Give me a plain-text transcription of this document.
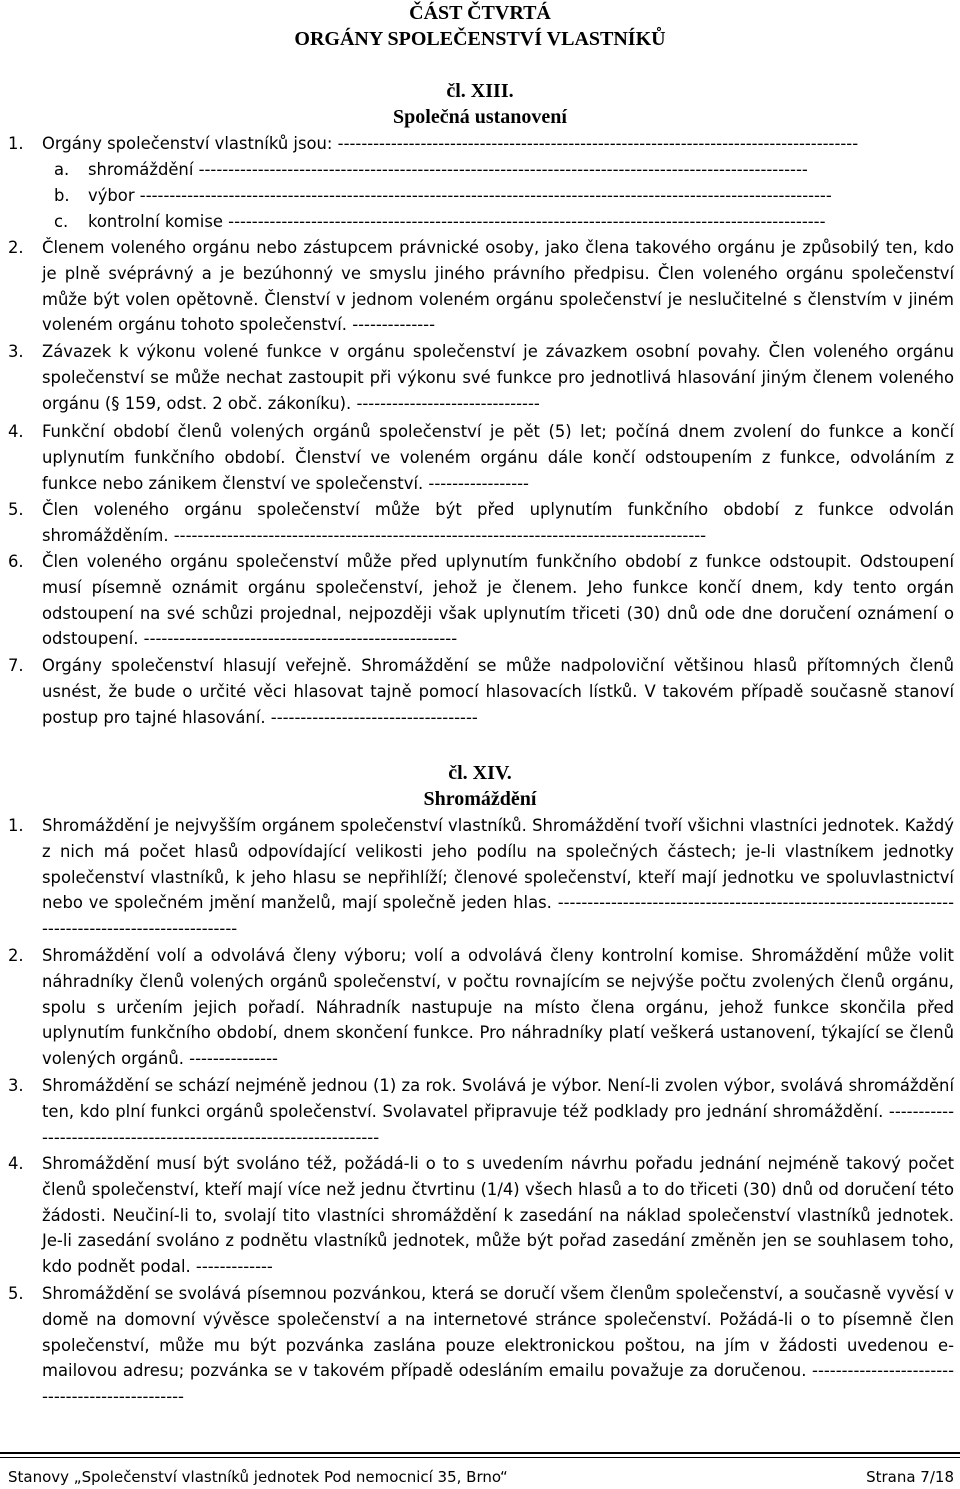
ČÁST ČTVRTÁ
ORGÁNY SPOLEČENSTVÍ VLASTNÍKŮ
čl. XIII.
Společná ustanovení
1. Orgány společenství vlastníků jsou: ----------------------------------------------------------------------------------------
a. shromáždění -------------------------------------------------------------------------------------------------------
b. výbor ---------------------------------------------------------------------------------------------------------------------
c. kontrolní komise -----------------------------------------------------------------------------------------------------
2. Členem voleného orgánu nebo zástupcem právnické osoby, jako člena takového orgánu je způsobilý ten, kdo je plně svéprávný a je bezúhonný ve smyslu jiného právního předpisu. Člen voleného orgánu společenství může být volen opětovně. Členství v jednom voleném orgánu společenství je neslučitelné s členstvím v jiném voleném orgánu tohoto společenství. --------------
3. Závazek k výkonu volené funkce v orgánu společenství je závazkem osobní povahy. Člen voleného orgánu společenství se může nechat zastoupit při výkonu své funkce pro jednotlivá hlasování jiným členem voleného orgánu (§ 159, odst. 2 obč. zákoníku). -------------------------------
4. Funkční období členů volených orgánů společenství je pět (5) let; počíná dnem zvolení do funkce a končí uplynutím funkčního období. Členství ve voleném orgánu dále končí odstoupením z funkce, odvoláním z funkce nebo zánikem členství ve společenství. -----------------
5. Člen voleného orgánu společenství může být před uplynutím funkčního období z funkce odvolán shromážděním. ------------------------------------------------------------------------------------------
6. Člen voleného orgánu společenství může před uplynutím funkčního období z funkce odstoupit. Odstoupení musí písemně oznámit orgánu společenství, jehož je členem. Jeho funkce končí dnem, kdy tento orgán odstoupení na své schůzi projednal, nejpozději však uplynutím třiceti (30) dnů ode dne doručení oznámení o odstoupení. -----------------------------------------------------
7. Orgány společenství hlasují veřejně. Shromáždění se může nadpoloviční většinou hlasů přítomných členů usnést, že bude o určité věci hlasovat tajně pomocí hlasovacích lístků. V takovém případě současně stanoví postup pro tajné hlasování. -----------------------------------
čl. XIV.
Shromáždění
1. Shromáždění je nejvyšším orgánem společenství vlastníků. Shromáždění tvoří všichni vlastníci jednotek. Každý z nich má počet hlasů odpovídající velikosti jeho podílu na společných částech; je-li vlastníkem jednotky společenství vlastníků, k jeho hlasu se nepřihlíží; členové společenství, kteří mají jednotku ve spoluvlastnictví nebo ve společném jmění manželů, mají společně jeden hlas. ----------------------------------------------------------------------------------------------------
2. Shromáždění volí a odvolává členy výboru; volí a odvolává členy kontrolní komise. Shromáždění může volit náhradníky členů volených orgánů společenství, v počtu rovnajícím se nejvýše počtu zvolených členů orgánu, spolu s určením jejich pořadí. Náhradník nastupuje na místo člena orgánu, jehož funkce skončila před uplynutím funkčního období, dnem skončení funkce. Pro náhradníky platí veškerá ustanovení, týkající se členů volených orgánů. ---------------
3. Shromáždění se schází nejméně jednou (1) za rok. Svolává je výbor. Není-li zvolen výbor, svolává shromáždění ten, kdo plní funkci orgánů společenství. Svolavatel připravuje též podklady pro jednání shromáždění. --------------------------------------------------------------------
4. Shromáždění musí být svoláno též, požádá-li o to s uvedením návrhu pořadu jednání nejméně takový počet členů společenství, kteří mají více než jednu čtvrtinu (1/4) všech hlasů a to do třiceti (30) dnů od doručení této žádosti. Neučiní-li to, svolají tito vlastníci shromáždění k zasedání na náklad společenství vlastníků jednotek. Je-li zasedání svoláno z podnětu vlastníků jednotek, může být pořad zasedání změněn jen se souhlasem toho, kdo podnět podal. -------------
5. Shromáždění se svolává písemnou pozvánkou, která se doručí všem členům společenství, a současně vyvěsí v domě na domovní vývěsce společenství a na internetové stránce společenství. Požádá-li o to písemně člen společenství, může mu být pozvánka zaslána pouze elektronickou poštou, na jím v žádosti uvedenou e-mailovou adresu; pozvánka se v takovém případě odesláním emailu považuje za doručenou. ------------------------------------------------
Stanovy „Společenství vlastníků jednotek Pod nemocnicí 35, Brno“	Strana 7/18
